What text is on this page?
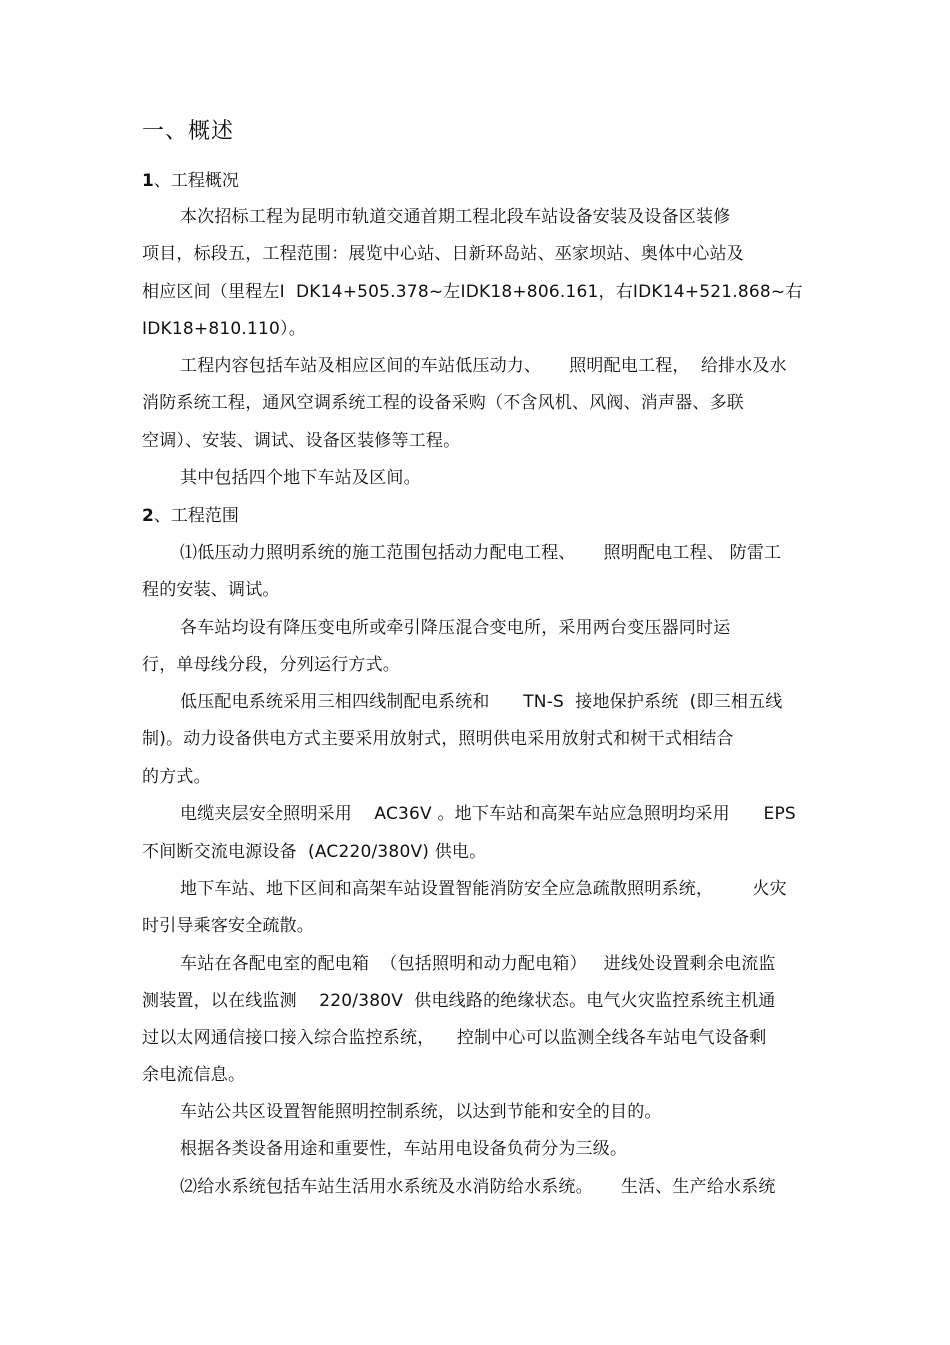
一、概述
1、工程概况
本次招标工程为昆明市轨道交通首期工程北段车站设备安装及设备区装修
项目，标段五，工程范围：展览中心站、日新环岛站、巫家坝站、奥体中心站及
相应区间（里程左Ⅰ  DK14+505.378~左ⅠDK18+806.161，右ⅠDK14+521.868~右
ⅠDK18+810.110）。
工程内容包括车站及相应区间的车站低压动力、     照明配电工程，  给排水及水
消防系统工程，通风空调系统工程的设备采购（不含风机、风阀、消声器、多联
空调）、安装、调试、设备区装修等工程。
其中包括四个地下车站及区间。
2、工程范围
⑴低压动力照明系统的施工范围包括动力配电工程、     照明配电工程、 防雷工
程的安装、调试。
各车站均设有降压变电所或牵引降压混合变电所，采用两台变压器同时运
行，单母线分段，分列运行方式。
低压配电系统采用三相四线制配电系统和      TN-S  接地保护系统  (即三相五线
制)。动力设备供电方式主要采用放射式，照明供电采用放射式和树干式相结合
的方式。
电缆夹层安全照明采用    AC36V 。地下车站和高架车站应急照明均采用      EPS
不间断交流电源设备  (AC220/380V) 供电。
地下车站、地下区间和高架车站设置智能消防安全应急疏散照明系统，       火灾
时引导乘客安全疏散。
车站在各配电室的配电箱  （包括照明和动力配电箱）   进线处设置剩余电流监
测装置，以在线监测    220/380V  供电线路的绝缘状态。电气火灾监控系统主机通
过以太网通信接口接入综合监控系统，    控制中心可以监测全线各车站电气设备剩
余电流信息。
车站公共区设置智能照明控制系统，以达到节能和安全的目的。
根据各类设备用途和重要性，车站用电设备负荷分为三级。
⑵给水系统包括车站生活用水系统及水消防给水系统。     生活、生产给水系统
